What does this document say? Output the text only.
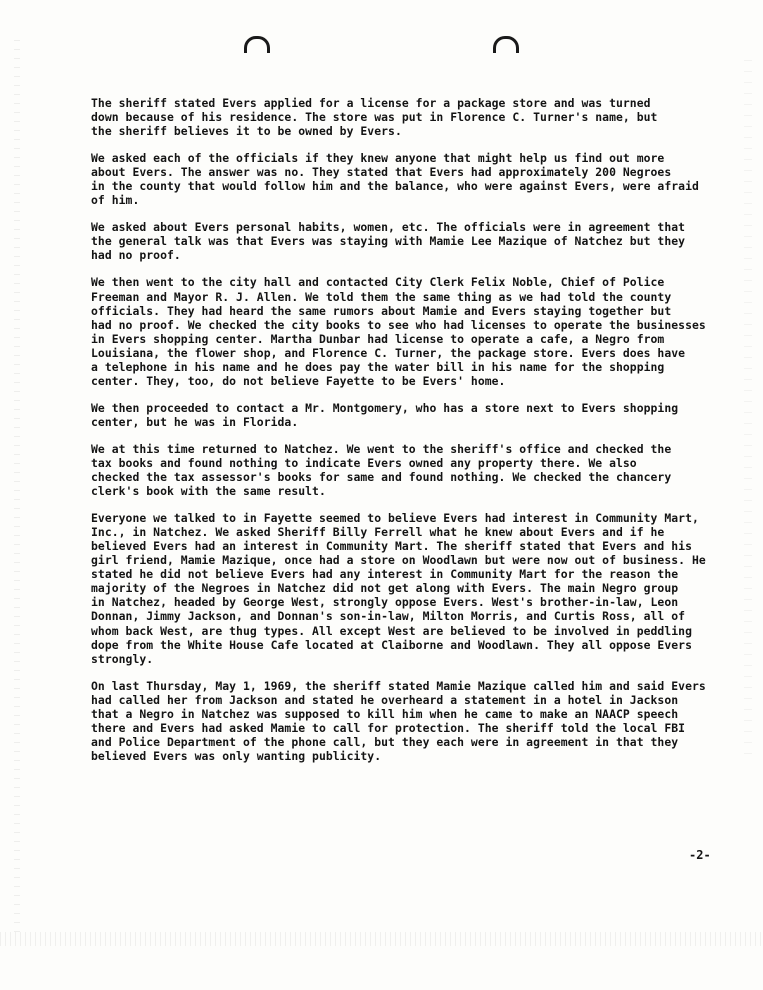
The sheriff stated Evers applied for a license for a package store and was turned
down because of his residence. The store was put in Florence C. Turner's name, but
the sheriff believes it to be owned by Evers.

We asked each of the officials if they knew anyone that might help us find out more
about Evers. The answer was no. They stated that Evers had approximately 200 Negroes
in the county that would follow him and the balance, who were against Evers, were afraid
of him.

We asked about Evers personal habits, women, etc. The officials were in agreement that
the general talk was that Evers was staying with Mamie Lee Mazique of Natchez but they
had no proof.

We then went to the city hall and contacted City Clerk Felix Noble, Chief of Police
Freeman and Mayor R. J. Allen. We told them the same thing as we had told the county
officials. They had heard the same rumors about Mamie and Evers staying together but
had no proof. We checked the city books to see who had licenses to operate the businesses
in Evers shopping center. Martha Dunbar had license to operate a cafe, a Negro from
Louisiana, the flower shop, and Florence C. Turner, the package store. Evers does have
a telephone in his name and he does pay the water bill in his name for the shopping
center. They, too, do not believe Fayette to be Evers' home.

We then proceeded to contact a Mr. Montgomery, who has a store next to Evers shopping
center, but he was in Florida.

We at this time returned to Natchez. We went to the sheriff's office and checked the
tax books and found nothing to indicate Evers owned any property there. We also
checked the tax assessor's books for same and found nothing. We checked the chancery
clerk's book with the same result.

Everyone we talked to in Fayette seemed to believe Evers had interest in Community Mart,
Inc., in Natchez. We asked Sheriff Billy Ferrell what he knew about Evers and if he
believed Evers had an interest in Community Mart. The sheriff stated that Evers and his
girl friend, Mamie Mazique, once had a store on Woodlawn but were now out of business. He
stated he did not believe Evers had any interest in Community Mart for the reason the
majority of the Negroes in Natchez did not get along with Evers. The main Negro group
in Natchez, headed by George West, strongly oppose Evers. West's brother-in-law, Leon
Donnan, Jimmy Jackson, and Donnan's son-in-law, Milton Morris, and Curtis Ross, all of
whom back West, are thug types. All except West are believed to be involved in peddling
dope from the White House Cafe located at Claiborne and Woodlawn. They all oppose Evers
strongly.

On last Thursday, May 1, 1969, the sheriff stated Mamie Mazique called him and said Evers
had called her from Jackson and stated he overheard a statement in a hotel in Jackson
that a Negro in Natchez was supposed to kill him when he came to make an NAACP speech
there and Evers had asked Mamie to call for protection. The sheriff told the local FBI
and Police Department of the phone call, but they each were in agreement in that they
believed Evers was only wanting publicity.

-2-
